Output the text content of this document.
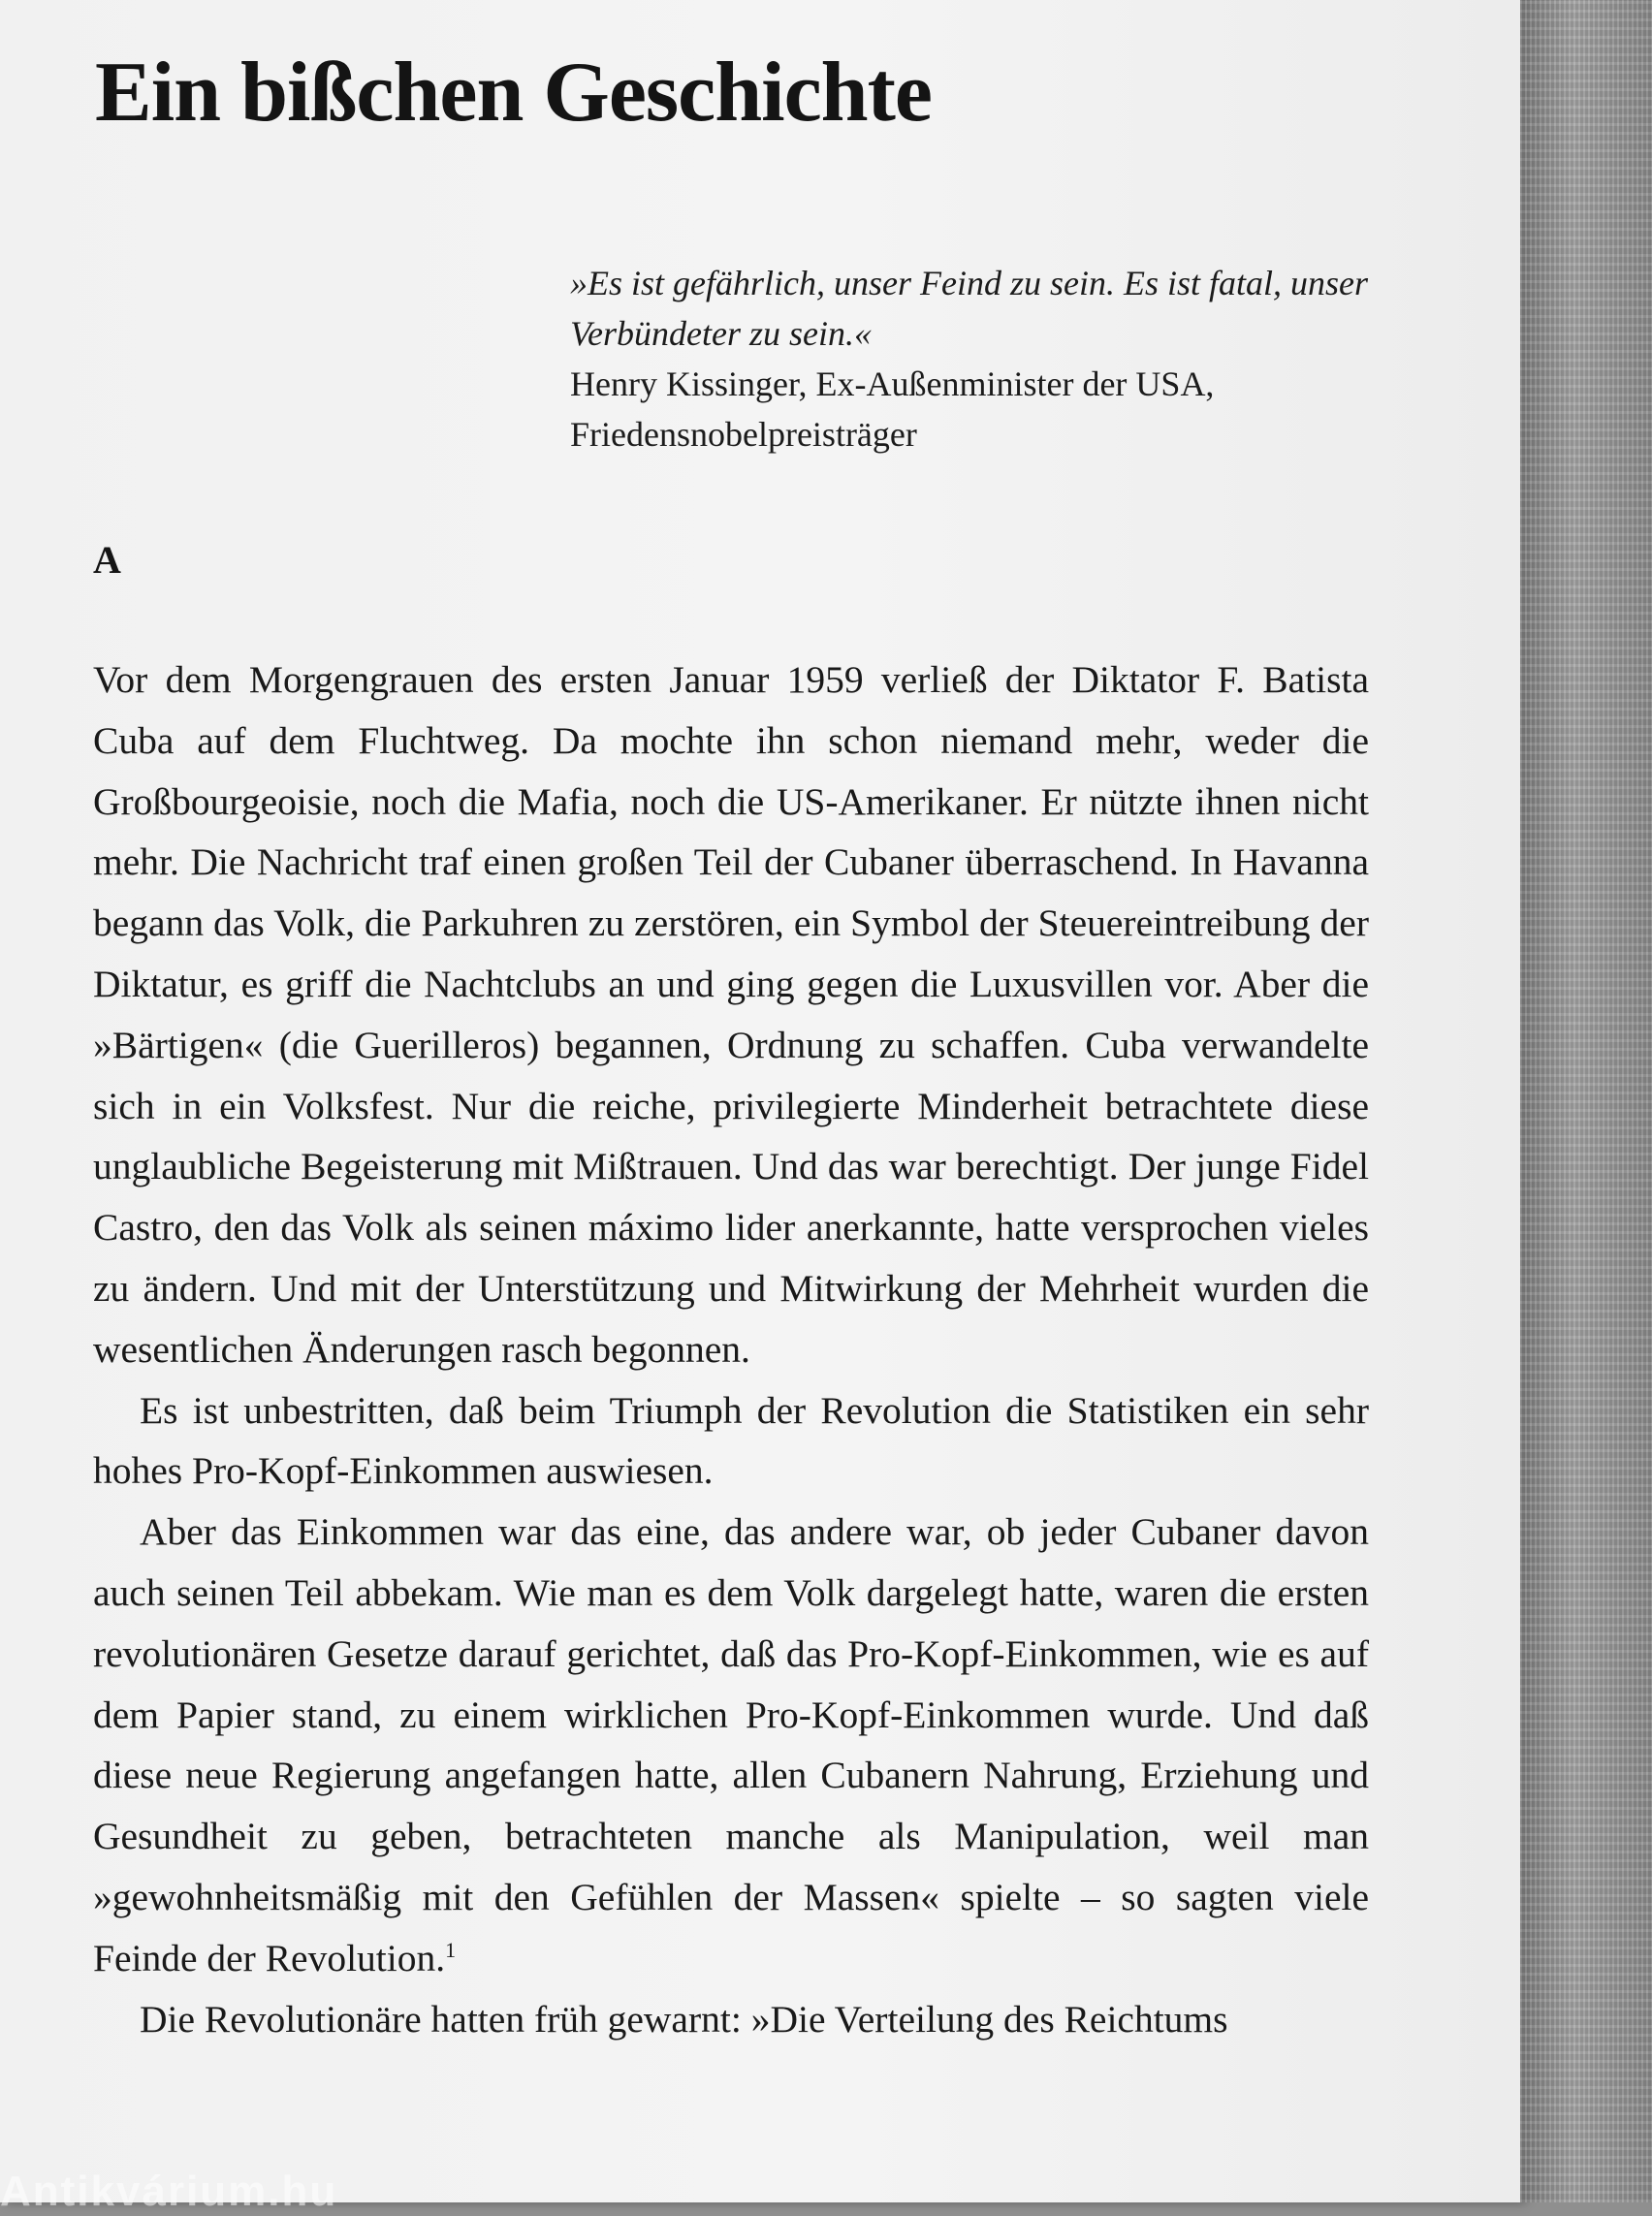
Ein bißchen Geschichte

»Es ist gefährlich, unser Feind zu sein. Es ist fatal, unser Verbündeter zu sein.«

Henry Kissinger, Ex-Außenminister der USA, Friedensnobelpreisträger

A

Vor dem Morgengrauen des ersten Januar 1959 verließ der Diktator F. Batista Cuba auf dem Fluchtweg. Da mochte ihn schon niemand mehr, weder die Großbourgeoisie, noch die Mafia, noch die US-Amerikaner. Er nützte ihnen nicht mehr. Die Nachricht traf einen großen Teil der Cubaner überraschend. In Havanna begann das Volk, die Parkuhren zu zerstören, ein Symbol der Steuereintreibung der Diktatur, es griff die Nachtclubs an und ging gegen die Luxusvillen vor. Aber die »Bärtigen« (die Guerilleros) begannen, Ordnung zu schaffen. Cuba verwandelte sich in ein Volksfest. Nur die reiche, privilegierte Minderheit betrachtete diese unglaubliche Begeisterung mit Mißtrauen. Und das war berechtigt. Der junge Fidel Castro, den das Volk als seinen máximo lider anerkannte, hatte versprochen vieles zu ändern. Und mit der Unterstützung und Mitwirkung der Mehrheit wurden die wesentlichen Änderungen rasch begonnen.

Es ist unbestritten, daß beim Triumph der Revolution die Statistiken ein sehr hohes Pro-Kopf-Einkommen auswiesen.

Aber das Einkommen war das eine, das andere war, ob jeder Cubaner davon auch seinen Teil abbekam. Wie man es dem Volk dargelegt hatte, waren die ersten revolutionären Gesetze darauf gerichtet, daß das Pro-Kopf-Einkommen, wie es auf dem Papier stand, zu einem wirklichen Pro-Kopf-Einkommen wurde. Und daß diese neue Regierung angefangen hatte, allen Cubanern Nahrung, Erziehung und Gesundheit zu geben, betrachteten manche als Manipulation, weil man »gewohnheitsmäßig mit den Gefühlen der Massen« spielte – so sagten viele Feinde der Revolution.$^1$

Die Revolutionäre hatten früh gewarnt: »Die Verteilung des Reichtums

Antikvárium.hu
